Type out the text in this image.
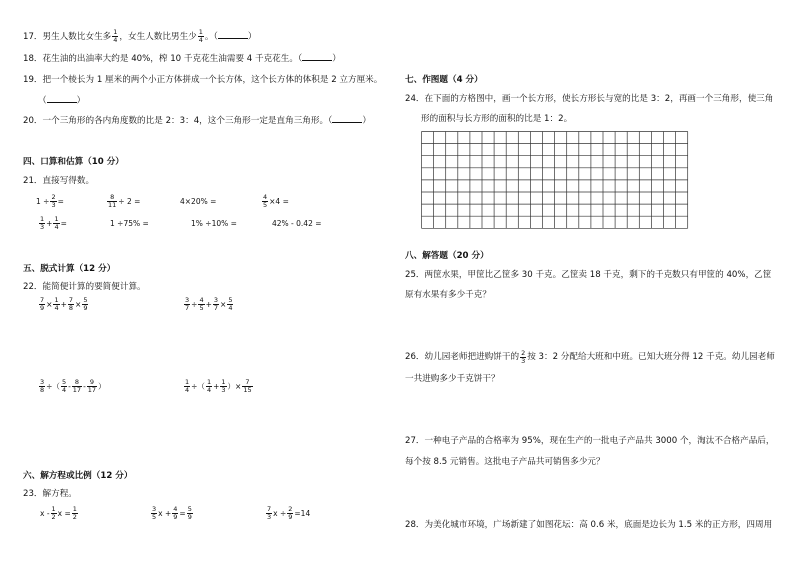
17．男生人数比女生多 $\frac{1}{4}$ ，女生人数比男生少 $\frac{1}{4}$ 。（	）
18．花生油的出油率大约是 40%，榨 10 千克花生油需要 4 千克花生。（	）
19．把一个棱长为 1 厘米的两个小正方体拼成一个长方体，这个长方体的体积是 2 立方厘米。
（	）
20．一个三角形的各内角度数的比是 2：3：4，这个三角形一定是直角三角形。（	）
四、口算和估算（10 分）
21．直接写得数。
$1 \div \frac{2}{3}$ =	$\frac{8}{11} \div 2$ =	4×20% =	$\frac{4}{5} \times 4$ =
$\frac{1}{3} + \frac{1}{4}$ =	1 ÷75% =	1% ÷10% =	42% - 0.42 =
五、脱式计算（12 分）
22．能简便计算的要简便计算。
$\frac{7}{9} \times \frac{1}{4} + \frac{7}{8} \times \frac{5}{9}$	$\frac{3}{7} \div \frac{4}{5} + \frac{3}{7} \times \frac{5}{4}$
$\frac{3}{8}$ ÷（ $\frac{5}{4} - \frac{8}{17} - \frac{9}{17}$ ）	$\frac{1}{4}$ ÷（ $\frac{1}{4} + \frac{1}{3}$ ）× $\frac{7}{15}$
六、解方程或比例（12 分）
23．解方程。
x - $\frac{1}{2}$ $x = \frac{1}{2}$	$\frac{3}{5}$ $x + \frac{4}{9} = \frac{5}{9}$	$\frac{7}{3}$ $x \div \frac{2}{9} =14$
七、作图题（4 分）
24．在下面的方格图中，画一个长方形，使长方形长与宽的比是 3：2，再画一个三角形，使三角
形的面积与长方形的面积的比是 1：2。
八、解答题（20 分）
25．两筐水果，甲筐比乙筐多 30 千克。乙筐卖 18 千克，剩下的千克数只有甲筐的 40%，乙筐
原有水果有多少千克？
26．幼儿园老师把进购饼干的 $\frac{2}{3}$ 按 3：2 分配给大班和中班。已知大班分得 12 千克。幼儿园老师
一共进购多少千克饼干？
27．一种电子产品的合格率为 95%，现在生产的一批电子产品共 3000 个，淘汰不合格产品后，
每个按 8.5 元销售。这批电子产品共可销售多少元？
28．为美化城市环境，广场新建了如图花坛：高 0.6 米，底面是边长为 1.5 米的正方形，四周用
